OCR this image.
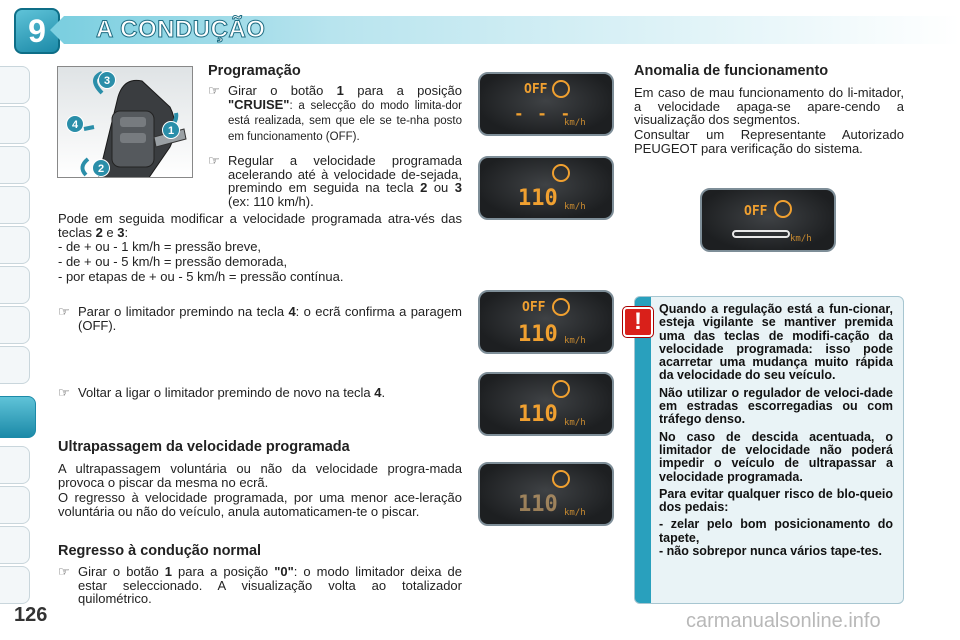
9	A CONDUÇÃO
3
4	1
2
Programação
☞ Girar o botão 1 para a posição "CRUISE": a selecção do modo limita-dor está realizada, sem que ele se te-nha posto em funcionamento (OFF).
☞ Regular a velocidade programada acelerando até à velocidade de-sejada, premindo em seguida na tecla 2 ou 3 (ex: 110 km/h).
Pode em seguida modificar a velocidade programada atra-vés das teclas 2 e 3:
- de + ou - 1 km/h = pressão breve,
- de + ou - 5 km/h = pressão demorada,
- por etapas de + ou - 5 km/h = pressão contínua.
☞ Parar o limitador premindo na tecla 4: o ecrã confirma a paragem (OFF).
☞ Voltar a ligar o limitador premindo de novo na tecla 4.
Ultrapassagem da velocidade programada
A ultrapassagem voluntária ou não da velocidade progra-mada provoca o piscar da mesma no ecrã.
O regresso à velocidade programada, por uma menor ace-leração voluntária ou não do veículo, anula automaticamen-te o piscar.
Regresso à condução normal
☞ Girar o botão 1 para a posição "0": o modo limitador deixa de estar seleccionado. A visualização volta ao totalizador quilométrico.
OFF
- - -
km/h
110 km/h
OFF
110 km/h
110 km/h
110 km/h
Anomalia de funcionamento
Em caso de mau funcionamento do li-mitador, a velocidade apaga-se apare-cendo a visualização dos segmentos.
Consultar um Representante Autorizado PEUGEOT para verificação do sistema.
OFF
km/h

Quando a regulação está a fun-cionar, esteja vigilante se mantiver premida uma das teclas de modifi-cação da velocidade programada: isso pode acarretar uma mudança muito rápida da velocidade do seu veículo.

Não utilizar o regulador de veloci-dade em estradas escorregadias ou com tráfego denso.

No caso de descida acentuada, o limitador de velocidade não poderá impedir o veículo de ultrapassar a velocidade programada.

Para evitar qualquer risco de blo-queio dos pedais:

- zelar pelo bom posicionamento do tapete,

- não sobrepor nunca vários tape-tes.

!
126	carmanualsonline.info
